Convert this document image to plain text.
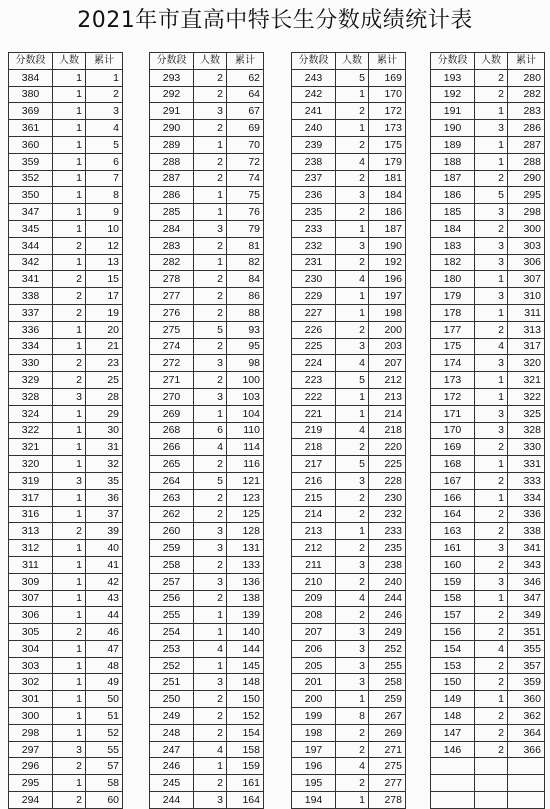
2021年市直高中特长生分数成绩统计表
分数段	人数	累计
384	1	1
380	1	2
369	1	3
361	1	4
360	1	5
359	1	6
352	1	7
350	1	8
347	1	9
345	1	10
344	2	12
342	1	13
341	2	15
338	2	17
337	2	19
336	1	20
334	1	21
330	2	23
329	2	25
328	3	28
324	1	29
322	1	30
321	1	31
320	1	32
319	3	35
317	1	36
316	1	37
313	2	39
312	1	40
311	1	41
309	1	42
307	1	43
306	1	44
305	2	46
304	1	47
303	1	48
302	1	49
301	1	50
300	1	51
298	1	52
297	3	55
296	2	57
295	1	58
294	2	60
分数段	人数	累计
293	2	62
292	2	64
291	3	67
290	2	69
289	1	70
288	2	72
287	2	74
286	1	75
285	1	76
284	3	79
283	2	81
282	1	82
278	2	84
277	2	86
276	2	88
275	5	93
274	2	95
272	3	98
271	2	100
270	3	103
269	1	104
268	6	110
266	4	114
265	2	116
264	5	121
263	2	123
262	2	125
260	3	128
259	3	131
258	2	133
257	3	136
256	2	138
255	1	139
254	1	140
253	4	144
252	1	145
251	3	148
250	2	150
249	2	152
248	2	154
247	4	158
246	1	159
245	2	161
244	3	164
分数段	人数	累计
243	5	169
242	1	170
241	2	172
240	1	173
239	2	175
238	4	179
237	2	181
236	3	184
235	2	186
233	1	187
232	3	190
231	2	192
230	4	196
229	1	197
227	1	198
226	2	200
225	3	203
224	4	207
223	5	212
222	1	213
221	1	214
219	4	218
218	2	220
217	5	225
216	3	228
215	2	230
214	2	232
213	1	233
212	2	235
211	3	238
210	2	240
209	4	244
208	2	246
207	3	249
206	3	252
205	3	255
201	3	258
200	1	259
199	8	267
198	2	269
197	2	271
196	4	275
195	2	277
194	1	278
分数段	人数	累计
193	2	280
192	2	282
191	1	283
190	3	286
189	1	287
188	1	288
187	2	290
186	5	295
185	3	298
184	2	300
183	3	303
182	3	306
180	1	307
179	3	310
178	1	311
177	2	313
175	4	317
174	3	320
173	1	321
172	1	322
171	3	325
170	3	328
169	2	330
168	1	331
167	2	333
166	1	334
164	2	336
163	2	338
161	3	341
160	2	343
159	3	346
158	1	347
157	2	349
156	2	351
154	4	355
153	2	357
150	2	359
149	1	360
148	2	362
147	2	364
146	2	366
